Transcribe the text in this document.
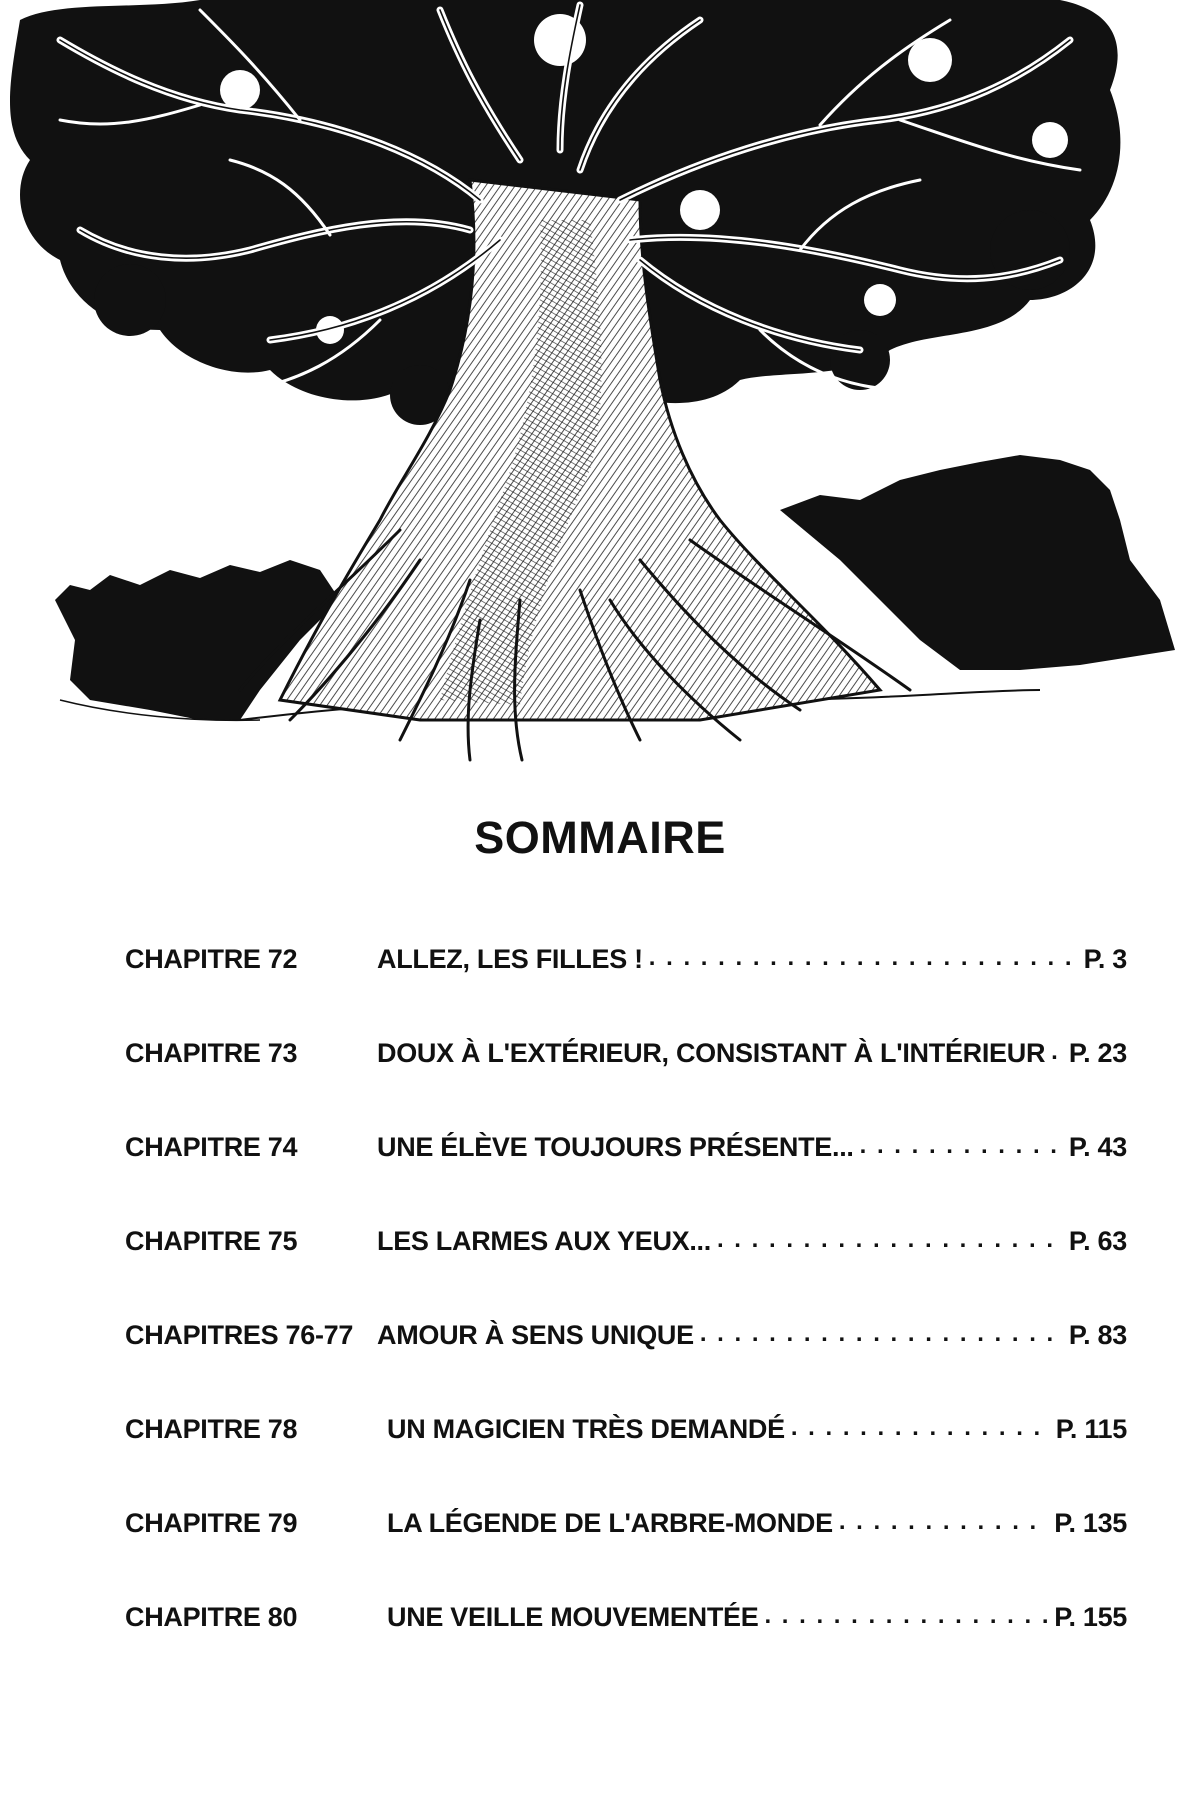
SOMMAIRE
CHAPITRE 72	ALLEZ, LES FILLES ! . . .	P. 3
CHAPITRE 73	DOUX À L'EXTÉRIEUR, CONSISTANT À L'INTÉRIEUR . . . P. 23
CHAPITRE 74	UNE ÉLÈVE TOUJOURS PRÉSENTE... . . .	P. 43
CHAPITRE 75	LES LARMES AUX YEUX... . . .	P. 63
CHAPITRES 76-77 AMOUR À SENS UNIQUE . . .	P. 83
CHAPITRE 78	UN MAGICIEN TRÈS DEMANDÉ . . .	P. 115
CHAPITRE 79	LA LÉGENDE DE L'ARBRE-MONDE . . .	P. 135
CHAPITRE 80	UNE VEILLE MOUVEMENTÉE . . .	P. 155
